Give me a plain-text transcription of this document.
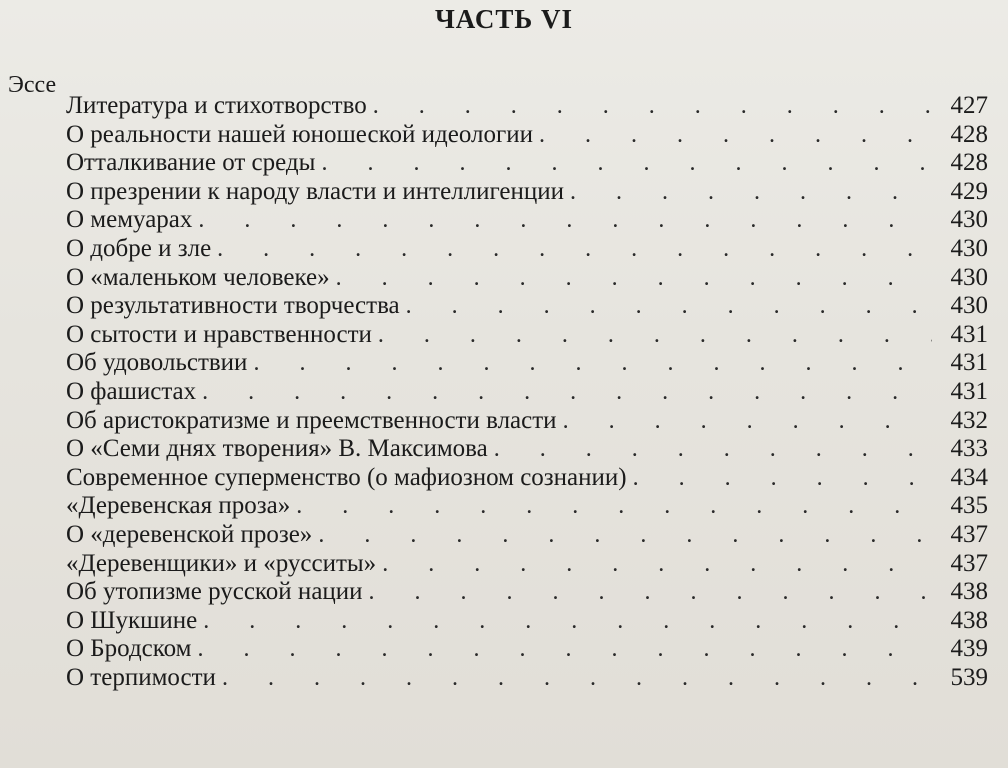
ЧАСТЬ VI
Эссе
Литература и стихотворство . . .	427
О реальности нашей юношеской идеологии . . .	428
Отталкивание от среды . . .	428
О презрении к народу власти и интеллигенции . . .	429
О мемуарах . . .	430
О добре и зле . . .	430
О «маленьком человеке» . . .	430
О результативности творчества . . .	430
О сытости и нравственности . . .	431
Об удовольствии . . .	431
О фашистах . . .	431
Об аристократизме и преемственности власти . . .	432
О «Семи днях творения» В. Максимова . . .	433
Современное суперменство (о мафиозном сознании) . . .	434
«Деревенская проза» . . .	435
О «деревенской прозе» . . .	437
«Деревенщики» и «русситы» . . .	437
Об утопизме русской нации . . .	438
О Шукшине . . .	438
О Бродском . . .	439
О терпимости . . .	539
